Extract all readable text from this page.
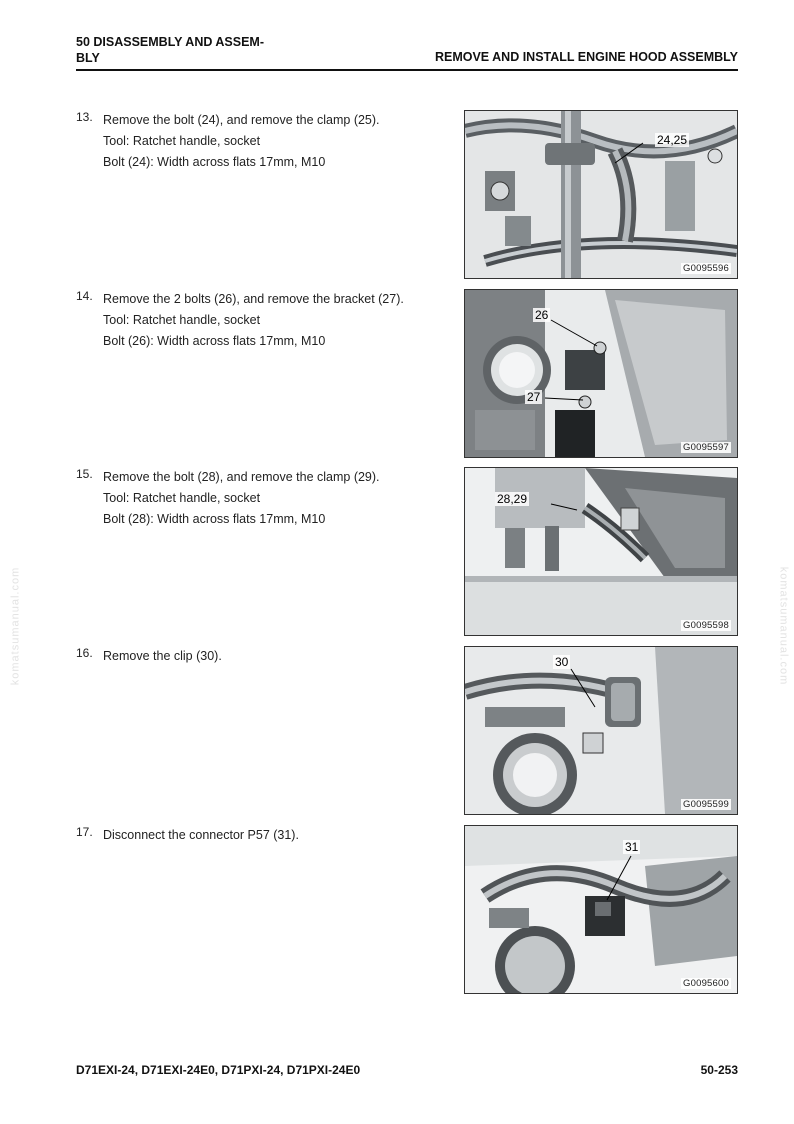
50 DISASSEMBLY AND ASSEM-
BLY	REMOVE AND INSTALL ENGINE HOOD ASSEMBLY
13. Remove the bolt (24), and remove the clamp (25).
Tool: Ratchet handle, socket
Bolt (24): Width across flats 17mm, M10
24,25
G0095596
14. Remove the 2 bolts (26), and remove the bracket (27).
Tool: Ratchet handle, socket
Bolt (26): Width across flats 17mm, M10
26
27
G0095597
15. Remove the bolt (28), and remove the clamp (29).
Tool: Ratchet handle, socket
Bolt (28): Width across flats 17mm, M10
28,29
G0095598
16. Remove the clip (30).	30
G0095599
17. Disconnect the connector P57 (31).
31
G0095600
komatsumanual.com	komatsumanual.com
D71EXI-24, D71EXI-24E0, D71PXI-24, D71PXI-24E0	50-253
